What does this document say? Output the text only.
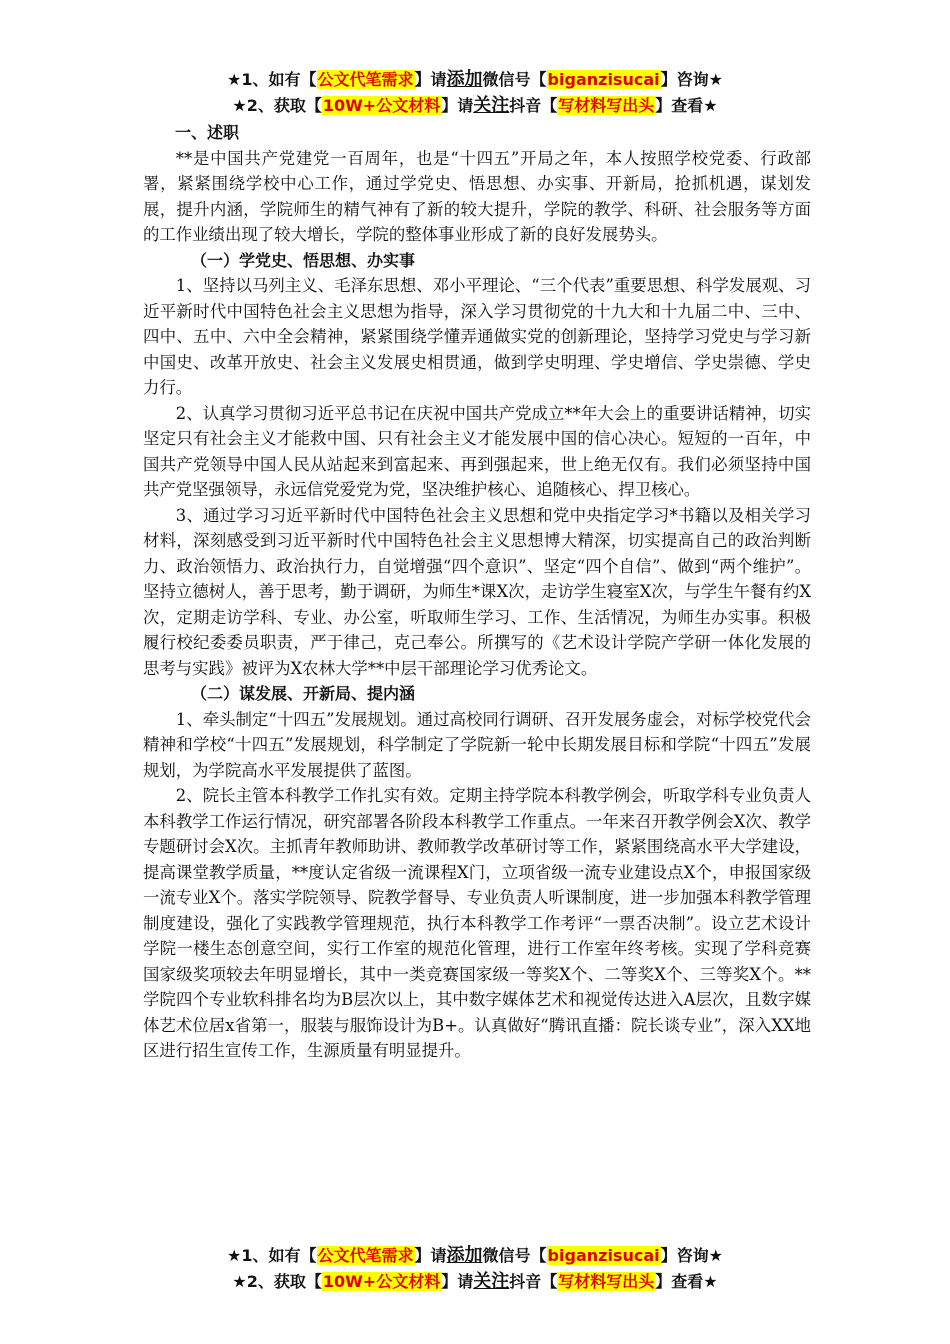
★1、如有【公文代笔需求】请添加微信号【biganzisucai】咨询★
★2、获取【10W+公文材料】请关注抖音【写材料写出头】查看★
一、述职

**是中国共产党建党一百周年，也是“十四五”开局之年，本人按照学校党委、行政部署，紧紧围绕学校中心工作，通过学党史、悟思想、办实事、开新局，抢抓机遇，谋划发展，提升内涵，学院师生的精气神有了新的较大提升，学院的教学、科研、社会服务等方面的工作业绩出现了较大增长，学院的整体事业形成了新的良好发展势头。

（一）学党史、悟思想、办实事

1、坚持以马列主义、毛泽东思想、邓小平理论、“三个代表”重要思想、科学发展观、习近平新时代中国特色社会主义思想为指导，深入学习贯彻党的十九大和十九届二中、三中、四中、五中、六中全会精神，紧紧围绕学懂弄通做实党的创新理论，坚持学习党史与学习新中国史、改革开放史、社会主义发展史相贯通，做到学史明理、学史增信、学史崇德、学史力行。

2、认真学习贯彻习近平总书记在庆祝中国共产党成立**年大会上的重要讲话精神，切实坚定只有社会主义才能救中国、只有社会主义才能发展中国的信心决心。短短的一百年，中国共产党领导中国人民从站起来到富起来、再到强起来，世上绝无仅有。我们必须坚持中国共产党坚强领导，永远信党爱党为党，坚决维护核心、追随核心、捍卫核心。

3、通过学习习近平新时代中国特色社会主义思想和党中央指定学习*书籍以及相关学习材料，深刻感受到习近平新时代中国特色社会主义思想博大精深，切实提高自己的政治判断力、政治领悟力、政治执行力，自觉增强“四个意识”、坚定“四个自信”、做到“两个维护”。坚持立德树人，善于思考，勤于调研，为师生*课X次，走访学生寝室X次，与学生午餐有约X次，定期走访学科、专业、办公室，听取师生学习、工作、生活情况，为师生办实事。积极履行校纪委委员职责，严于律己，克己奉公。所撰写的《艺术设计学院产学研一体化发展的思考与实践》被评为X农林大学**中层干部理论学习优秀论文。

（二）谋发展、开新局、提内涵

1、牵头制定“十四五”发展规划。通过高校同行调研、召开发展务虚会，对标学校党代会精神和学校“十四五”发展规划，科学制定了学院新一轮中长期发展目标和学院“十四五”发展规划，为学院高水平发展提供了蓝图。

2、院长主管本科教学工作扎实有效。定期主持学院本科教学例会，听取学科专业负责人本科教学工作运行情况，研究部署各阶段本科教学工作重点。一年来召开教学例会X次、教学专题研讨会X次。主抓青年教师助讲、教师教学改革研讨等工作，紧紧围绕高水平大学建设，提高课堂教学质量，**度认定省级一流课程X门，立项省级一流专业建设点X个，申报国家级一流专业X个。落实学院领导、院教学督导、专业负责人听课制度，进一步加强本科教学管理制度建设，强化了实践教学管理规范，执行本科教学工作考评“一票否决制”。设立艺术设计学院一楼生态创意空间，实行工作室的规范化管理，进行工作室年终考核。实现了学科竞赛国家级奖项较去年明显增长，其中一类竞赛国家级一等奖X个、二等奖X个、三等奖X个。**学院四个专业软科排名均为B层次以上，其中数字媒体艺术和视觉传达进入A层次，且数字媒体艺术位居x省第一，服装与服饰设计为B+。认真做好“腾讯直播：院长谈专业”，深入XX地区进行招生宣传工作，生源质量有明显提升。

★1、如有【公文代笔需求】请添加微信号【biganzisucai】咨询★
★2、获取【10W+公文材料】请关注抖音【写材料写出头】查看★
